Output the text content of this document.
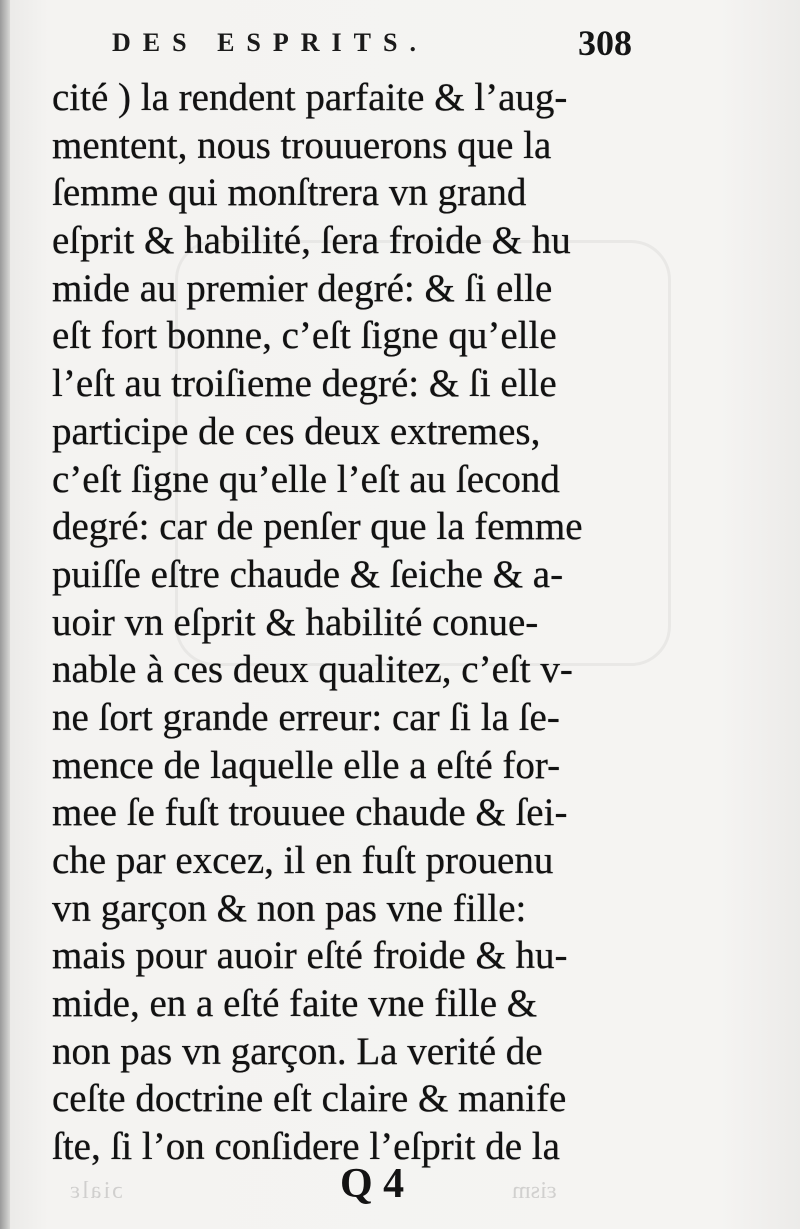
DES ESPRITS.	308
cité ) la rendent parfaite & l’aug-
mentent, nous trouuerons que la
ſemme qui monſtrera vn grand
eſprit & habilité, ſera froide & hu
mide au premier degré: & ſi elle
eſt fort bonne, c’eſt ſigne qu’elle
l’eſt au troiſieme degré: & ſi elle
participe de ces deux extremes,
c’eſt ſigne qu’elle l’eſt au ſecond
degré: car de penſer que la femme
puiſſe eſtre chaude & ſeiche & a-
uoir vn eſprit & habilité conue-
nable à ces deux qualitez, c’eſt v-
ne ſort grande erreur: car ſi la ſe-
mence de laquelle elle a eſté for-
mee ſe fuſt trouuee chaude & ſei-
che par excez, il en fuſt prouenu
vn garçon & non pas vne fille:
mais pour auoir eſté froide & hu-
mide, en a eſté faite vne fille &
non pas vn garçon. La verité de
ceſte doctrine eſt claire & manife
ſte, ſi l’on conſidere l’eſprit de la
ɔialɛ	ɛism
Q 4
